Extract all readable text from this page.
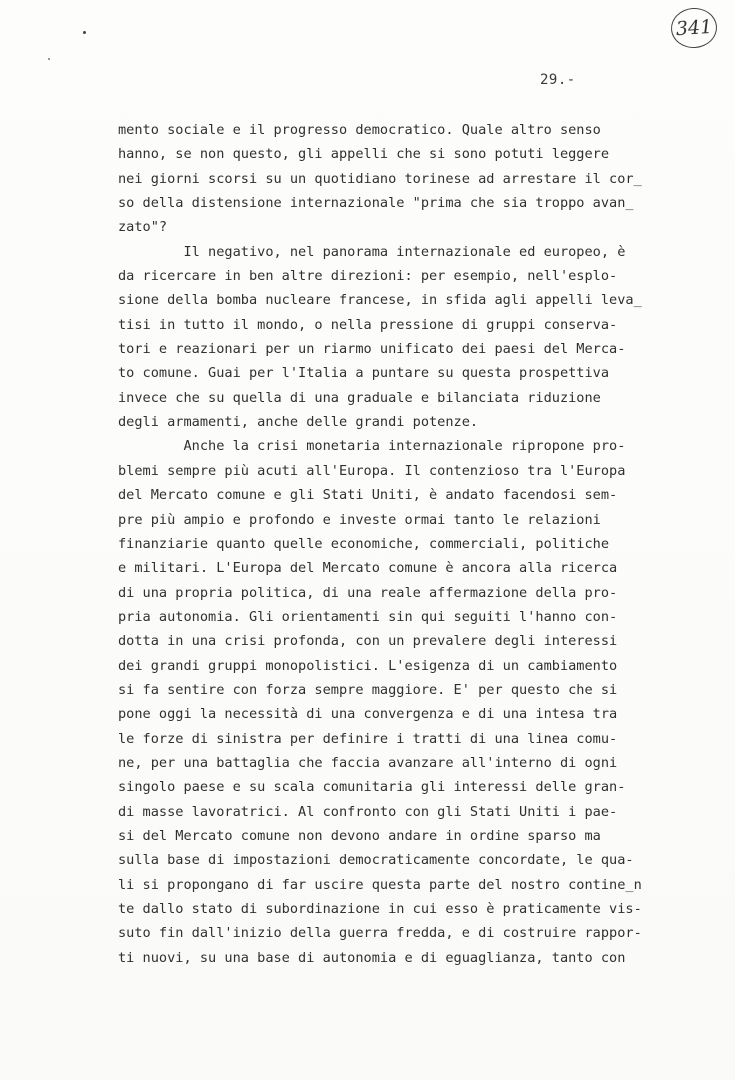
341
29.-
mento sociale e il progresso democratico. Quale altro senso
hanno, se non questo, gli appelli che si sono potuti leggere
nei giorni scorsi su un quotidiano torinese ad arrestare il cor_
so della distensione internazionale "prima che sia troppo avan_
zato"?
Il negativo, nel panorama internazionale ed europeo, è
da ricercare in ben altre direzioni: per esempio, nell'esplo-
sione della bomba nucleare francese, in sfida agli appelli leva_
tisi in tutto il mondo, o nella pressione di gruppi conserva-
tori e reazionari per un riarmo unificato dei paesi del Merca-
to comune. Guai per l'Italia a puntare su questa prospettiva
invece che su quella di una graduale e bilanciata riduzione
degli armamenti, anche delle grandi potenze.
Anche la crisi monetaria internazionale ripropone pro-
blemi sempre più acuti all'Europa. Il contenzioso tra l'Europa
del Mercato comune e gli Stati Uniti, è andato facendosi sem-
pre più ampio e profondo e investe ormai tanto le relazioni
finanziarie quanto quelle economiche, commerciali, politiche
e militari. L'Europa del Mercato comune è ancora alla ricerca
di una propria politica, di una reale affermazione della pro-
pria autonomia. Gli orientamenti sin qui seguiti l'hanno con-
dotta in una crisi profonda, con un prevalere degli interessi
dei grandi gruppi monopolistici. L'esigenza di un cambiamento
si fa sentire con forza sempre maggiore. E' per questo che si
pone oggi la necessità di una convergenza e di una intesa tra
le forze di sinistra per definire i tratti di una linea comu-
ne, per una battaglia che faccia avanzare all'interno di ogni
singolo paese e su scala comunitaria gli interessi delle gran-
di masse lavoratrici. Al confronto con gli Stati Uniti i pae-
si del Mercato comune non devono andare in ordine sparso ma
sulla base di impostazioni democraticamente concordate, le qua-
li si propongano di far uscire questa parte del nostro contine_n
te dallo stato di subordinazione in cui esso è praticamente vis-
suto fin dall'inizio della guerra fredda, e di costruire rappor-
ti nuovi, su una base di autonomia e di eguaglianza, tanto con
